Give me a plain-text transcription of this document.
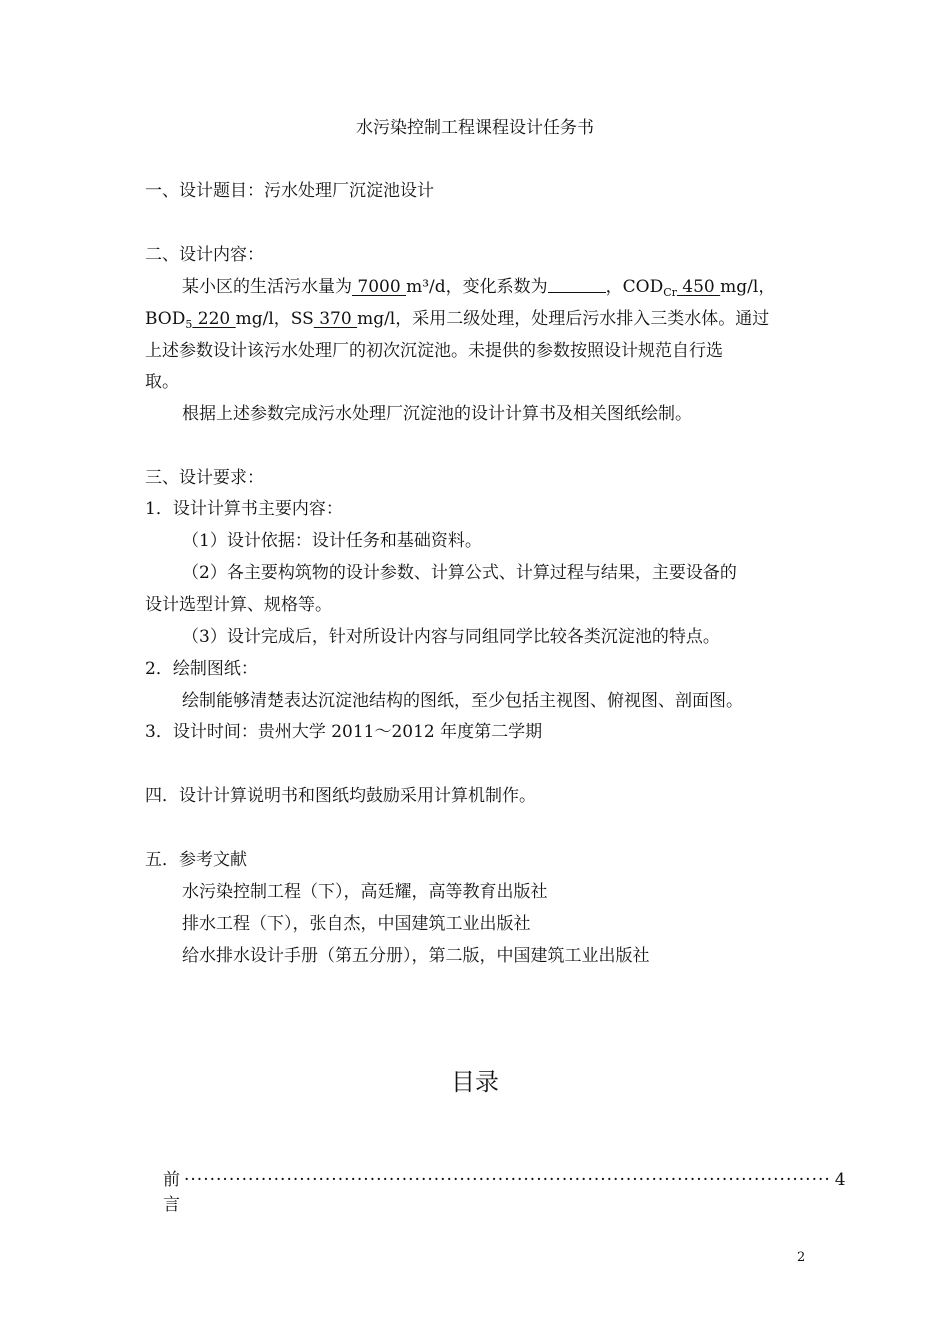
水污染控制工程课程设计任务书
一、设计题目：污水处理厂沉淀池设计
二、设计内容：
某小区的生活污水量为 7000 m³/d，变化系数为	，$COD_{Cr}$ 450 mg/l，
$BOD_5$ 220 mg/l，SS 370 mg/l，采用二级处理，处理后污水排入三类水体。通过
上述参数设计该污水处理厂的初次沉淀池。未提供的参数按照设计规范自行选
取。
根据上述参数完成污水处理厂沉淀池的设计计算书及相关图纸绘制。
三、设计要求：
1．设计计算书主要内容：
（1）设计依据：设计任务和基础资料。
（2）各主要构筑物的设计参数、计算公式、计算过程与结果，主要设备的
设计选型计算、规格等。
（3）设计完成后，针对所设计内容与同组同学比较各类沉淀池的特点。
2．绘制图纸：
绘制能够清楚表达沉淀池结构的图纸，至少包括主视图、俯视图、剖面图。
3．设计时间：贵州大学 2011～2012 年度第二学期
四．设计计算说明书和图纸均鼓励采用计算机制作。
五．参考文献
水污染控制工程（下），高廷耀，高等教育出版社
排水工程（下），张自杰，中国建筑工业出版社
给水排水设计手册（第五分册），第二版，中国建筑工业出版社
目录
前言
····································································································· 4
2
